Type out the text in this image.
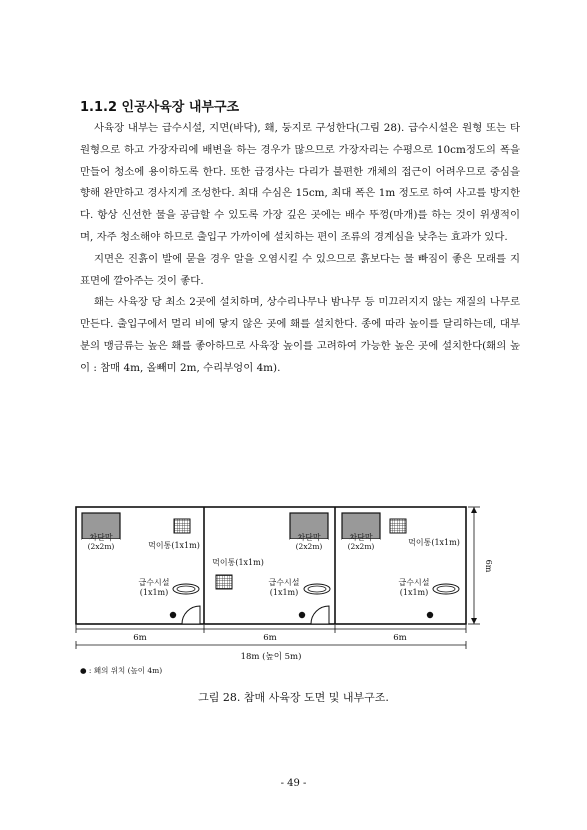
1.1.2 인공사육장 내부구조

사육장 내부는 급수시설, 지면(바닥), 홰, 둥지로 구성한다(그림 28). 급수시설은 원형 또는 타원형으로 하고 가장자리에 배변을 하는 경우가 많으므로 가장자리는 수평으로 10cm정도의 폭을 만들어 청소에 용이하도록 한다. 또한 급경사는 다리가 불편한 개체의 접근이 어려우므로 중심을 향해 완만하고 경사지게 조성한다. 최대 수심은 15cm, 최대 폭은 1m 정도로 하여 사고를 방지한다. 항상 신선한 물을 공급할 수 있도록 가장 깊은 곳에는 배수 뚜껑(마개)를 하는 것이 위생적이며, 자주 청소해야 하므로 출입구 가까이에 설치하는 편이 조류의 경계심을 낮추는 효과가 있다.

지면은 진흙이 발에 묻을 경우 알을 오염시킬 수 있으므로 흙보다는 물 빠짐이 좋은 모래를 지표면에 깔아주는 것이 좋다.

홰는 사육장 당 최소 2곳에 설치하며, 상수리나무나 밤나무 등 미끄러지지 않는 재질의 나무로 만든다. 출입구에서 멀리 비에 닿지 않은 곳에 홰를 설치한다. 종에 따라 높이를 달리하는데, 대부분의 맹금류는 높은 홰를 좋아하므로 사육장 높이를 고려하여 가능한 높은 곳에 설치한다(홰의 높이 : 참매 4m, 올빼미 2m, 수리부엉이 4m).

차단막
(2x2m)	먹이통(1x1m)
급수시설
(1x1m)
차단막
(2x2m)
먹이통(1x1m)
급수시설
(1x1m)
차단막
(2x2m)	먹이통(1x1m)
급수시설
(1x1m)
6m
6m	6m	6m
18m (높이 5m)
● : 홰의 위치 (높이 4m)
그림 28. 참매 사육장 도면 및 내부구조.
- 49 -
